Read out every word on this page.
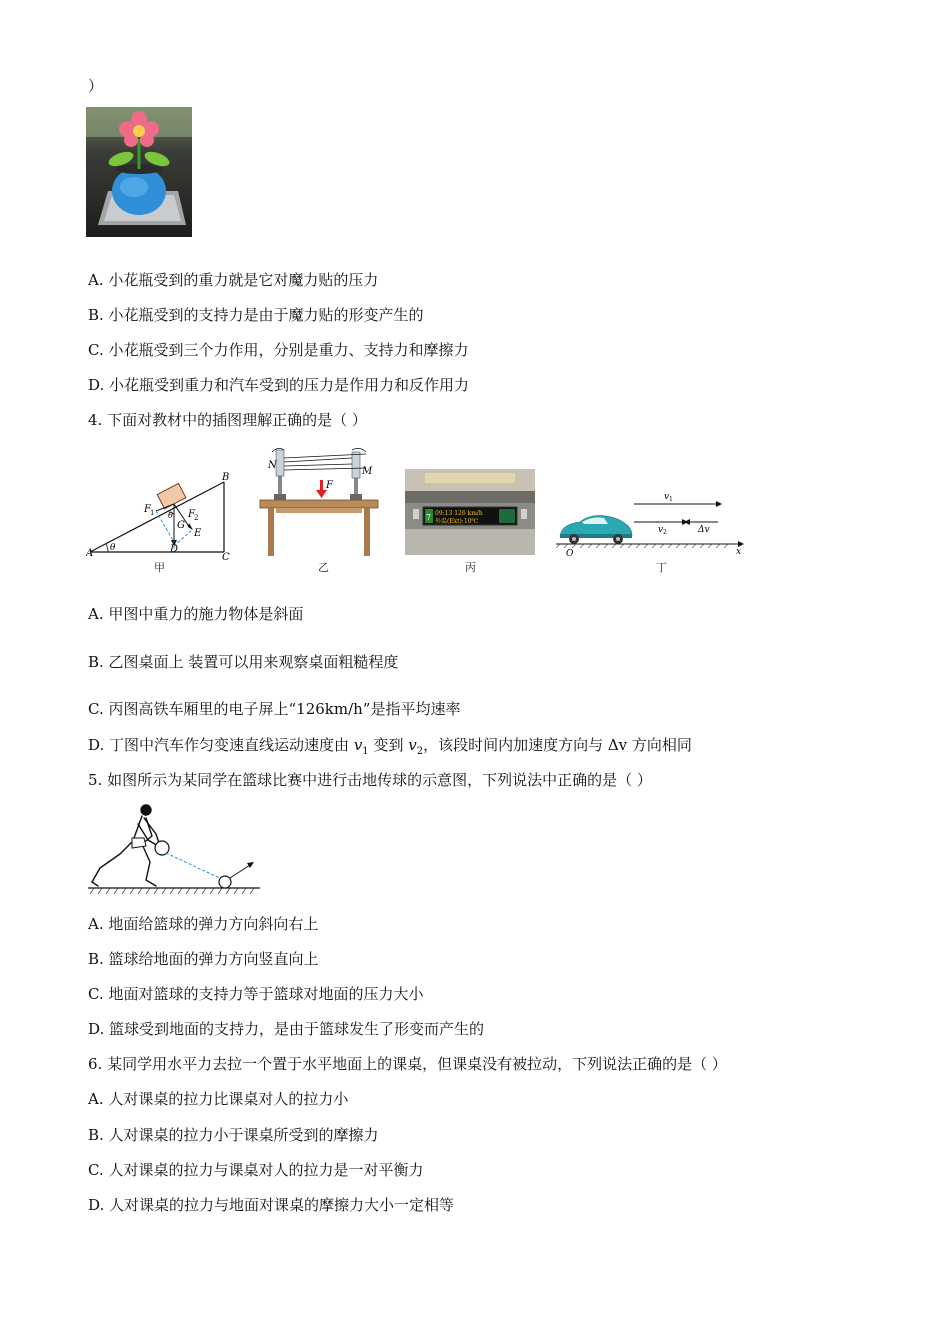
）
A. 小花瓶受到的重力就是它对魔力贴的压力
B. 小花瓶受到的支持力是由于魔力贴的形变产生的
C. 小花瓶受到三个力作用，分别是重力、支持力和摩擦力
D. 小花瓶受到重力和汽车受到的压力是作用力和反作用力
4. 下面对教材中的插图理解正确的是（ ）
A
B
C
D
E
G
F 1	F 2
θ
θ
甲
N
M
F
乙
7 09:13 126 km/h
外温(Ext):10℃
丙
v 1
v 2	Δv
O	x
丁
A. 甲图中重力的施力物体是斜面
B. 乙图桌面上 装置可以用来观察桌面粗糙程度
C. 丙图高铁车厢里的电子屏上“126km/h”是指平均速率
D. 丁图中汽车作匀变速直线运动速度由 $v_1$ 变到 $v_2$，该段时间内加速度方向与 Δv 方向相同
5. 如图所示为某同学在篮球比赛中进行击地传球的示意图，下列说法中正确的是（ ）
A. 地面给篮球的弹力方向斜向右上
B. 篮球给地面的弹力方向竖直向上
C. 地面对篮球的支持力等于篮球对地面的压力大小
D. 篮球受到地面的支持力，是由于篮球发生了形变而产生的
6. 某同学用水平力去拉一个置于水平地面上的课桌，但课桌没有被拉动，下列说法正确的是（ ）
A. 人对课桌的拉力比课桌对人的拉力小
B. 人对课桌的拉力小于课桌所受到的摩擦力
C. 人对课桌的拉力与课桌对人的拉力是一对平衡力
D. 人对课桌的拉力与地面对课桌的摩擦力大小一定相等
